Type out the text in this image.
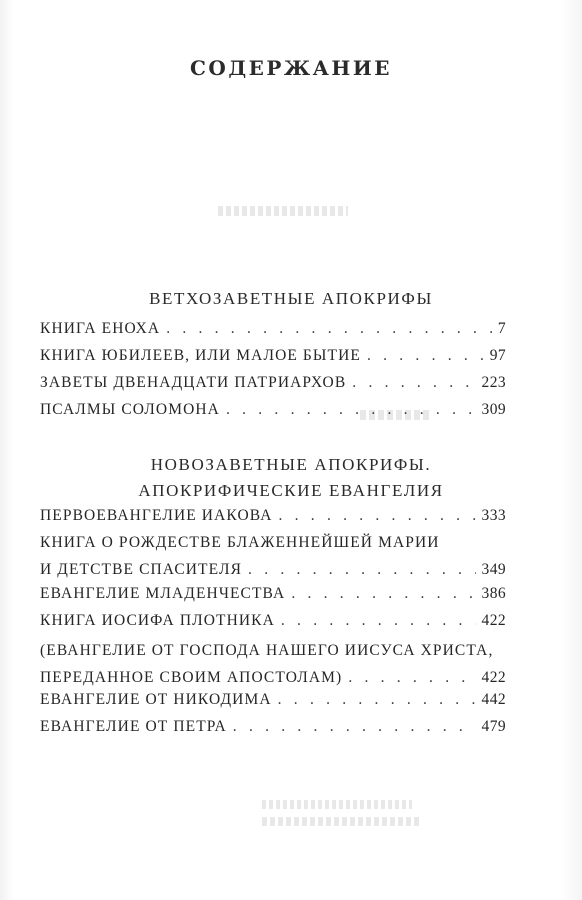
СОДЕРЖАНИЕ
ВЕТХОЗАВЕТНЫЕ АПОКРИФЫ
КНИГА ЕНОХА . . .	7
КНИГА ЮБИЛЕЕВ, ИЛИ МАЛОЕ БЫТИЕ . . .	97
ЗАВЕТЫ ДВЕНАДЦАТИ ПАТРИАРХОВ . . .	223
ПСАЛМЫ СОЛОМОНА . . .	309
НОВОЗАВЕТНЫЕ АПОКРИФЫ.
АПОКРИФИЧЕСКИЕ ЕВАНГЕЛИЯ
ПЕРВОЕВАНГЕЛИЕ ИАКОВА . . .	333
КНИГА О РОЖДЕСТВЕ БЛАЖЕННЕЙШЕЙ МАРИИ
И ДЕТСТВЕ СПАСИТЕЛЯ . . .	349
ЕВАНГЕЛИЕ МЛАДЕНЧЕСТВА . . .	386
КНИГА ИОСИФА ПЛОТНИКА . . .	422
(ЕВАНГЕЛИЕ ОТ ГОСПОДА НАШЕГО ИИСУСА ХРИСТА,
ПЕРЕДАННОЕ СВОИМ АПОСТОЛАМ) . . .	422
ЕВАНГЕЛИЕ ОТ НИКОДИМА . . .	442
ЕВАНГЕЛИЕ ОТ ПЕТРА . . .	479
